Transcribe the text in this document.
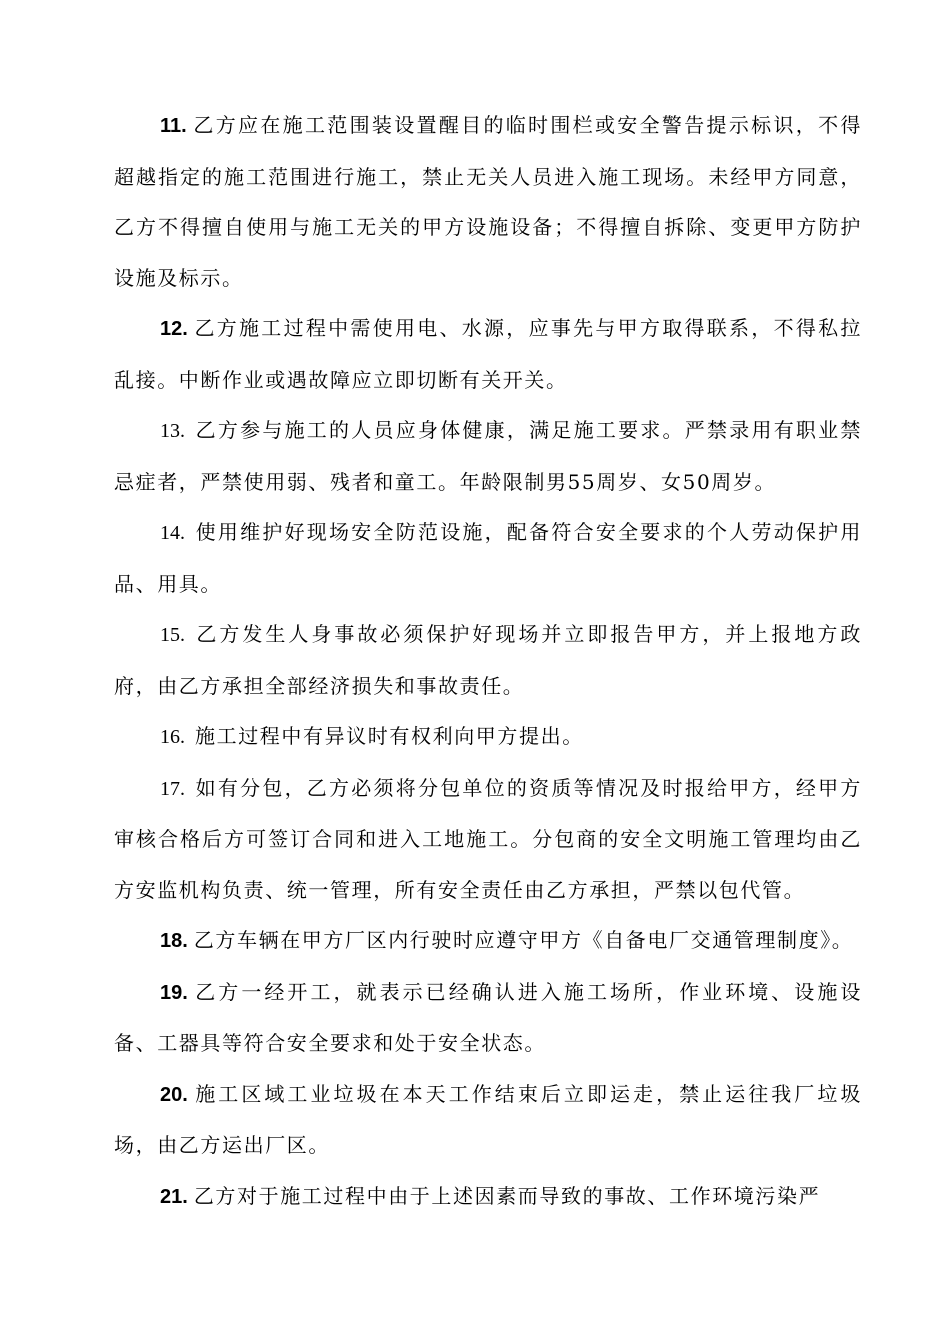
11. 乙方应在施工范围装设置醒目的临时围栏或安全警告提示标识，不得超越指定的施工范围进行施工，禁止无关人员进入施工现场。未经甲方同意，乙方不得擅自使用与施工无关的甲方设施设备；不得擅自拆除、变更甲方防护设施及标示。

12. 乙方施工过程中需使用电、水源，应事先与甲方取得联系，不得私拉乱接。中断作业或遇故障应立即切断有关开关。

13. 乙方参与施工的人员应身体健康，满足施工要求。严禁录用有职业禁忌症者，严禁使用弱、残者和童工。年龄限制男55周岁、女50周岁。

14. 使用维护好现场安全防范设施，配备符合安全要求的个人劳动保护用品、用具。

15. 乙方发生人身事故必须保护好现场并立即报告甲方，并上报地方政府，由乙方承担全部经济损失和事故责任。

16. 施工过程中有异议时有权利向甲方提出。

17. 如有分包，乙方必须将分包单位的资质等情况及时报给甲方，经甲方审核合格后方可签订合同和进入工地施工。分包商的安全文明施工管理均由乙方安监机构负责、统一管理，所有安全责任由乙方承担，严禁以包代管。

18. 乙方车辆在甲方厂区内行驶时应遵守甲方《自备电厂交通管理制度》。

19. 乙方一经开工，就表示已经确认进入施工场所，作业环境、设施设备、工器具等符合安全要求和处于安全状态。

20. 施工区域工业垃圾在本天工作结束后立即运走，禁止运往我厂垃圾场，由乙方运出厂区。

21. 乙方对于施工过程中由于上述因素而导致的事故、工作环境污染严
